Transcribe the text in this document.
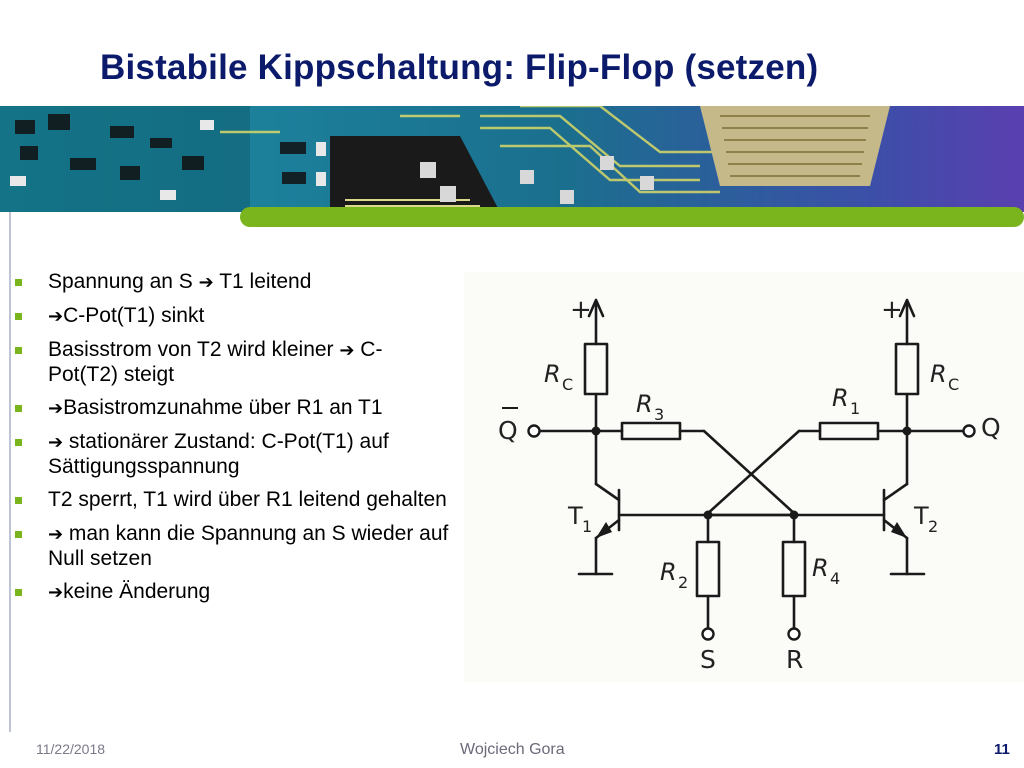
Bistabile Kippschaltung: Flip-Flop (setzen)
Spannung an S ➔ T1 leitend
➔C-Pot(T1) sinkt
Basisstrom von T2 wird kleiner ➔ C-Pot(T2) steigt
➔Basistromzunahme über R1 an T1
➔ stationärer Zustand: C-Pot(T1) auf Sättigungsspannung
T2 sperrt, T1 wird über R1 leitend gehalten
➔ man kann die Spannung an S wieder auf Null setzen
➔keine Änderung
+	+
R C	R C
R 3
R 1
R 2
R 4
T 1	T 2
Q	Q
S	R
11/22/2018	Wojciech Gora	11
